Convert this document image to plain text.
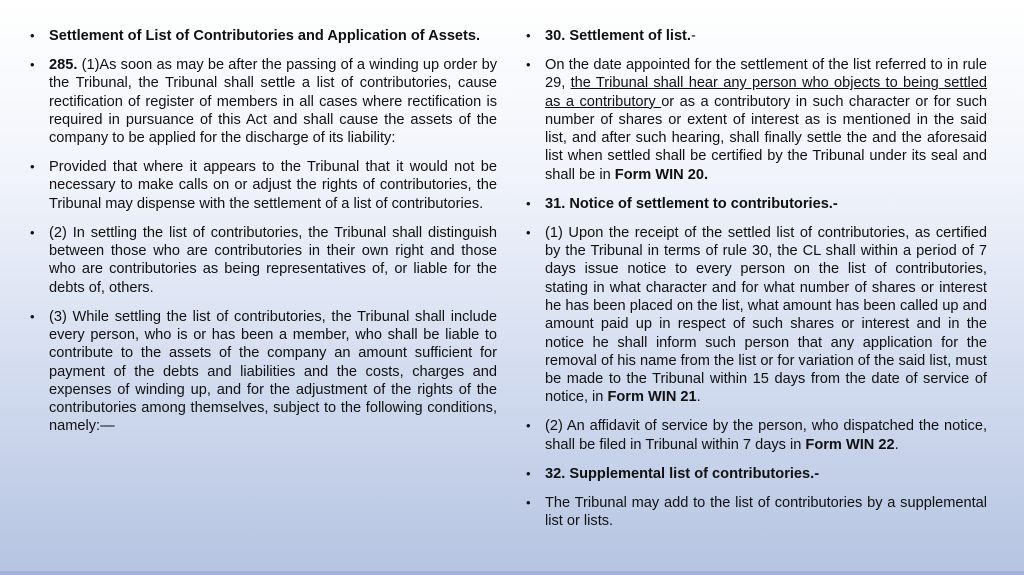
• Settlement of List of Contributories and Application of Assets.
• 285. (1)As soon as may be after the passing of a winding up order by the Tribunal, the Tribunal shall settle a list of contributories, cause rectification of register of members in all cases where rectification is required in pursuance of this Act and shall cause the assets of the company to be applied for the discharge of its liability:
• Provided that where it appears to the Tribunal that it would not be necessary to make calls on or adjust the rights of contributories, the Tribunal may dispense with the settlement of a list of contributories.
• (2) In settling the list of contributories, the Tribunal shall distinguish between those who are contributories in their own right and those who are contributories as being representatives of, or liable for the debts of, others.
• (3) While settling the list of contributories, the Tribunal shall include every person, who is or has been a member, who shall be liable to contribute to the assets of the company an amount sufficient for payment of the debts and liabilities and the costs, charges and expenses of winding up, and for the adjustment of the rights of the contributories among themselves, subject to the following conditions, namely:—
• 30. Settlement of list.-
• On the date appointed for the settlement of the list referred to in rule 29, the Tribunal shall hear any person who objects to being settled as a contributory or as a contributory in such character or for such number of shares or extent of interest as is mentioned in the said list, and after such hearing, shall finally settle the and the aforesaid list when settled shall be certified by the Tribunal under its seal and shall be in Form WIN 20.
• 31. Notice of settlement to contributories.-
• (1) Upon the receipt of the settled list of contributories, as certified by the Tribunal in terms of rule 30, the CL shall within a period of 7 days issue notice to every person on the list of contributories, stating in what character and for what number of shares or interest he has been placed on the list, what amount has been called up and amount paid up in respect of such shares or interest and in the notice he shall inform such person that any application for the removal of his name from the list or for variation of the said list, must be made to the Tribunal within 15 days from the date of service of notice, in Form WIN 21.
• (2) An affidavit of service by the person, who dispatched the notice, shall be filed in Tribunal within 7 days in Form WIN 22.
• 32. Supplemental list of contributories.-
• The Tribunal may add to the list of contributories by a supplemental list or lists.
